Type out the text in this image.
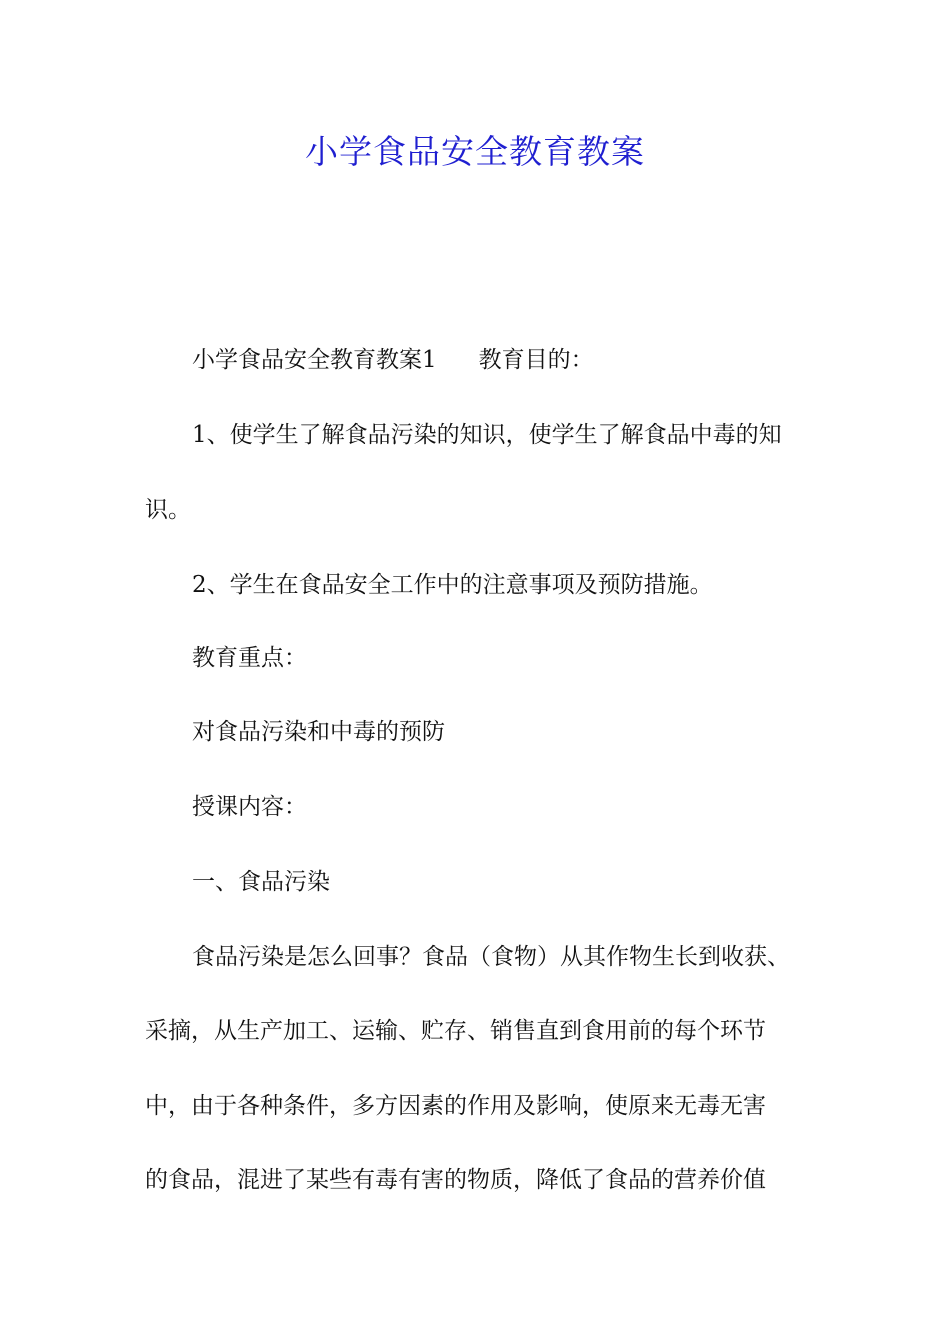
小学食品安全教育教案

小学食品安全教育教案1 教育目的：

1、使学生了解食品污染的知识，使学生了解食品中毒的知

识。

2、学生在食品安全工作中的注意事项及预防措施。

教育重点：

对食品污染和中毒的预防

授课内容：

一、食品污染

食品污染是怎么回事？食品（食物）从其作物生长到收获、

采摘，从生产加工、运输、贮存、销售直到食用前的每个环节

中，由于各种条件，多方因素的作用及影响，使原来无毒无害

的食品，混进了某些有毒有害的物质，降低了食品的营养价值
